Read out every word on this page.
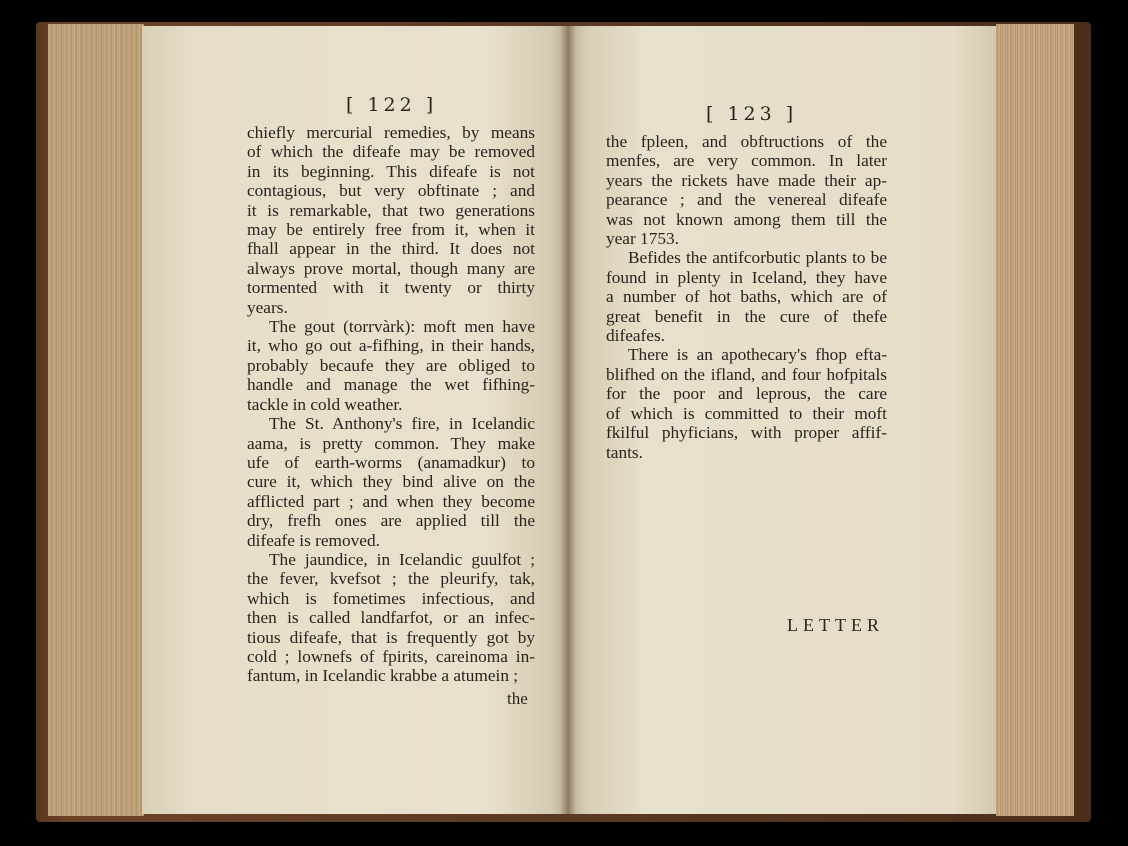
[ 122 ]	[ 123 ]
chiefly mercurial remedies, by means
of which the difeafe may be removed
in its beginning. This difeafe is not
contagious, but very obftinate ; and
it is remarkable, that two generations
may be entirely free from it, when it
fhall appear in the third. It does not
always prove mortal, though many are
tormented with it twenty or thirty
years.
The gout (torrvàrk): moft men have
it, who go out a-fifhing, in their hands,
probably becaufe they are obliged to
handle and manage the wet fifhing-
tackle in cold weather.
The St. Anthony's fire, in Icelandic
aama, is pretty common. They make
ufe of earth-worms (anamadkur) to
cure it, which they bind alive on the
afflicted part ; and when they become
dry, frefh ones are applied till the
difeafe is removed.
The jaundice, in Icelandic guulfot ;
the fever, kvefsot ; the pleurify, tak,
which is fometimes infectious, and
then is called landfarfot, or an infec-
tious difeafe, that is frequently got by
cold ; lownefs of fpirits, careinoma in-
fantum, in Icelandic krabbe a atumein ;
the
the fpleen, and obftructions of the
menfes, are very common. In later
years the rickets have made their ap-
pearance ; and the venereal difeafe
was not known among them till the
year 1753.
Befides the antifcorbutic plants to be
found in plenty in Iceland, they have
a number of hot baths, which are of
great benefit in the cure of thefe
difeafes.
There is an apothecary's fhop efta-
blifhed on the ifland, and four hofpitals
for the poor and leprous, the care
of which is committed to their moft
fkilful phyficians, with proper affif-
tants.
LETTER
